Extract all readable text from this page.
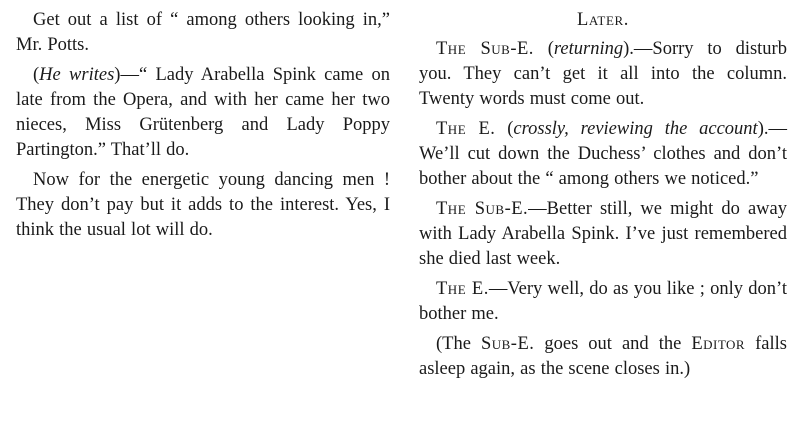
Get out a list of “ among others looking in,” Mr. Potts.

(He writes)—“ Lady Arabella Spink came on late from the Opera, and with her came her two nieces, Miss Grütenberg and Lady Poppy Partington.” That’ll do.

Now for the energetic young dancing men ! They don’t pay but it adds to the interest. Yes, I think the usual lot will do.

Later.

The Sub-E. (returning).—Sorry to disturb you. They can’t get it all into the column. Twenty words must come out.

The E. (crossly, reviewing the account).— We’ll cut down the Duchess’ clothes and don’t bother about the “ among others we noticed.”

The Sub-E.—Better still, we might do away with Lady Arabella Spink. I’ve just remembered she died last week.

The E.—Very well, do as you like ; only don’t bother me.

(The Sub-E. goes out and the Editor falls asleep again, as the scene closes in.)
